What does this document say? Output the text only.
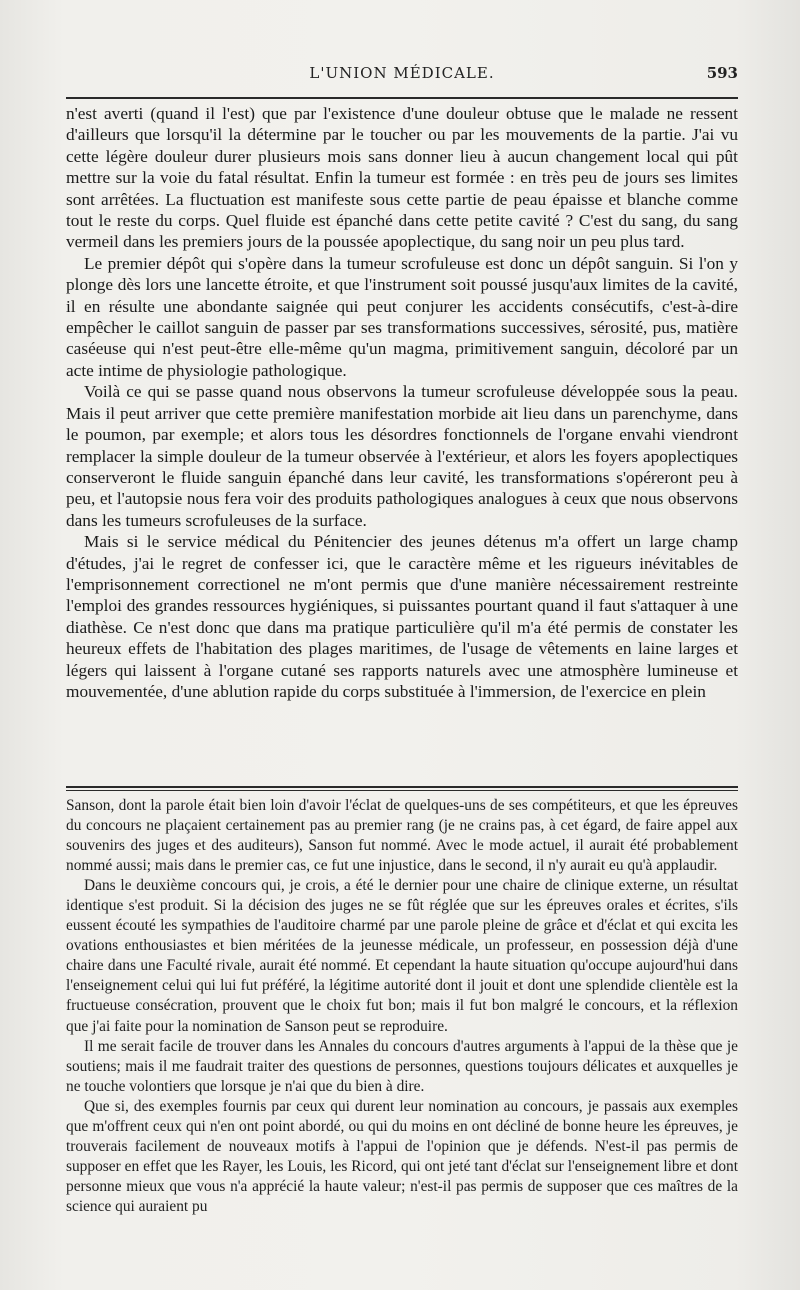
L'UNION MÉDICALE.	593

n'est averti (quand il l'est) que par l'existence d'une douleur obtuse que le malade ne ressent d'ailleurs que lorsqu'il la détermine par le toucher ou par les mouvements de la partie. J'ai vu cette légère douleur durer plusieurs mois sans donner lieu à aucun changement local qui pût mettre sur la voie du fatal résultat. Enfin la tumeur est formée : en très peu de jours ses limites sont arrêtées. La fluctuation est manifeste sous cette partie de peau épaisse et blanche comme tout le reste du corps. Quel fluide est épanché dans cette petite cavité ? C'est du sang, du sang vermeil dans les premiers jours de la poussée apoplectique, du sang noir un peu plus tard.

Le premier dépôt qui s'opère dans la tumeur scrofuleuse est donc un dépôt sanguin. Si l'on y plonge dès lors une lancette étroite, et que l'instrument soit poussé jusqu'aux limites de la cavité, il en résulte une abondante saignée qui peut conjurer les accidents consécutifs, c'est-à-dire empêcher le caillot sanguin de passer par ses transformations successives, sérosité, pus, matière caséeuse qui n'est peut-être elle-même qu'un magma, primitivement sanguin, décoloré par un acte intime de physiologie pathologique.

Voilà ce qui se passe quand nous observons la tumeur scrofuleuse développée sous la peau. Mais il peut arriver que cette première manifestation morbide ait lieu dans un parenchyme, dans le poumon, par exemple; et alors tous les désordres fonctionnels de l'organe envahi viendront remplacer la simple douleur de la tumeur observée à l'extérieur, et alors les foyers apoplectiques conserveront le fluide sanguin épanché dans leur cavité, les transformations s'opéreront peu à peu, et l'autopsie nous fera voir des produits pathologiques analogues à ceux que nous observons dans les tumeurs scrofuleuses de la surface.

Mais si le service médical du Pénitencier des jeunes détenus m'a offert un large champ d'études, j'ai le regret de confesser ici, que le caractère même et les rigueurs inévitables de l'emprisonnement correctionel ne m'ont permis que d'une manière nécessairement restreinte l'emploi des grandes ressources hygiéniques, si puissantes pourtant quand il faut s'attaquer à une diathèse. Ce n'est donc que dans ma pratique particulière qu'il m'a été permis de constater les heureux effets de l'habitation des plages maritimes, de l'usage de vêtements en laine larges et légers qui laissent à l'organe cutané ses rapports naturels avec une atmosphère lumineuse et mouvementée, d'une ablution rapide du corps substituée à l'immersion, de l'exercice en plein

Sanson, dont la parole était bien loin d'avoir l'éclat de quelques-uns de ses compétiteurs, et que les épreuves du concours ne plaçaient certainement pas au premier rang (je ne crains pas, à cet égard, de faire appel aux souvenirs des juges et des auditeurs), Sanson fut nommé. Avec le mode actuel, il aurait été probablement nommé aussi; mais dans le premier cas, ce fut une injustice, dans le second, il n'y aurait eu qu'à applaudir.

Dans le deuxième concours qui, je crois, a été le dernier pour une chaire de clinique externe, un résultat identique s'est produit. Si la décision des juges ne se fût réglée que sur les épreuves orales et écrites, s'ils eussent écouté les sympathies de l'auditoire charmé par une parole pleine de grâce et d'éclat et qui excita les ovations enthousiastes et bien méritées de la jeunesse médicale, un professeur, en possession déjà d'une chaire dans une Faculté rivale, aurait été nommé. Et cependant la haute situation qu'occupe aujourd'hui dans l'enseignement celui qui lui fut préféré, la légitime autorité dont il jouit et dont une splendide clientèle est la fructueuse consécration, prouvent que le choix fut bon; mais il fut bon malgré le concours, et la réflexion que j'ai faite pour la nomination de Sanson peut se reproduire.

Il me serait facile de trouver dans les Annales du concours d'autres arguments à l'appui de la thèse que je soutiens; mais il me faudrait traiter des questions de personnes, questions toujours délicates et auxquelles je ne touche volontiers que lorsque je n'ai que du bien à dire.

Que si, des exemples fournis par ceux qui durent leur nomination au concours, je passais aux exemples que m'offrent ceux qui n'en ont point abordé, ou qui du moins en ont décliné de bonne heure les épreuves, je trouverais facilement de nouveaux motifs à l'appui de l'opinion que je défends. N'est-il pas permis de supposer en effet que les Rayer, les Louis, les Ricord, qui ont jeté tant d'éclat sur l'enseignement libre et dont personne mieux que vous n'a apprécié la haute valeur; n'est-il pas permis de supposer que ces maîtres de la science qui auraient pu
